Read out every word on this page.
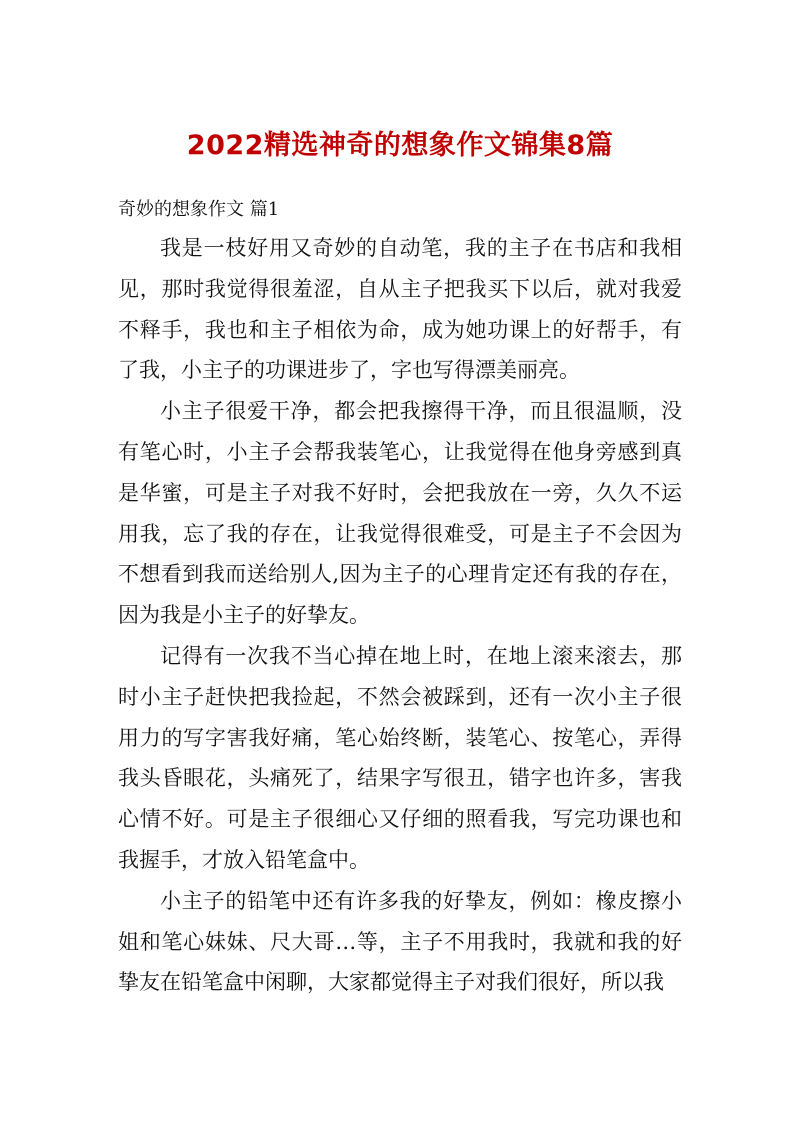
2022精选神奇的想象作文锦集8篇
奇妙的想象作文 篇1

我是一枝好用又奇妙的自动笔，我的主子在书店和我相见，那时我觉得很羞涩，自从主子把我买下以后，就对我爱不释手，我也和主子相依为命，成为她功课上的好帮手，有了我，小主子的功课进步了，字也写得漂美丽亮。

小主子很爱干净，都会把我擦得干净，而且很温顺，没有笔心时，小主子会帮我装笔心，让我觉得在他身旁感到真是华蜜，可是主子对我不好时，会把我放在一旁，久久不运用我，忘了我的存在，让我觉得很难受，可是主子不会因为不想看到我而送给别人,因为主子的心理肯定还有我的存在，因为我是小主子的好挚友。

记得有一次我不当心掉在地上时，在地上滚来滚去，那时小主子赶快把我捡起，不然会被踩到，还有一次小主子很用力的写字害我好痛，笔心始终断，装笔心、按笔心，弄得我头昏眼花，头痛死了，结果字写很丑，错字也许多，害我心情不好。可是主子很细心又仔细的照看我，写完功课也和我握手，才放入铅笔盒中。

小主子的铅笔中还有许多我的好挚友，例如：橡皮擦小姐和笔心妹妹、尺大哥…等，主子不用我时，我就和我的好挚友在铅笔盒中闲聊，大家都觉得主子对我们很好，所以我
